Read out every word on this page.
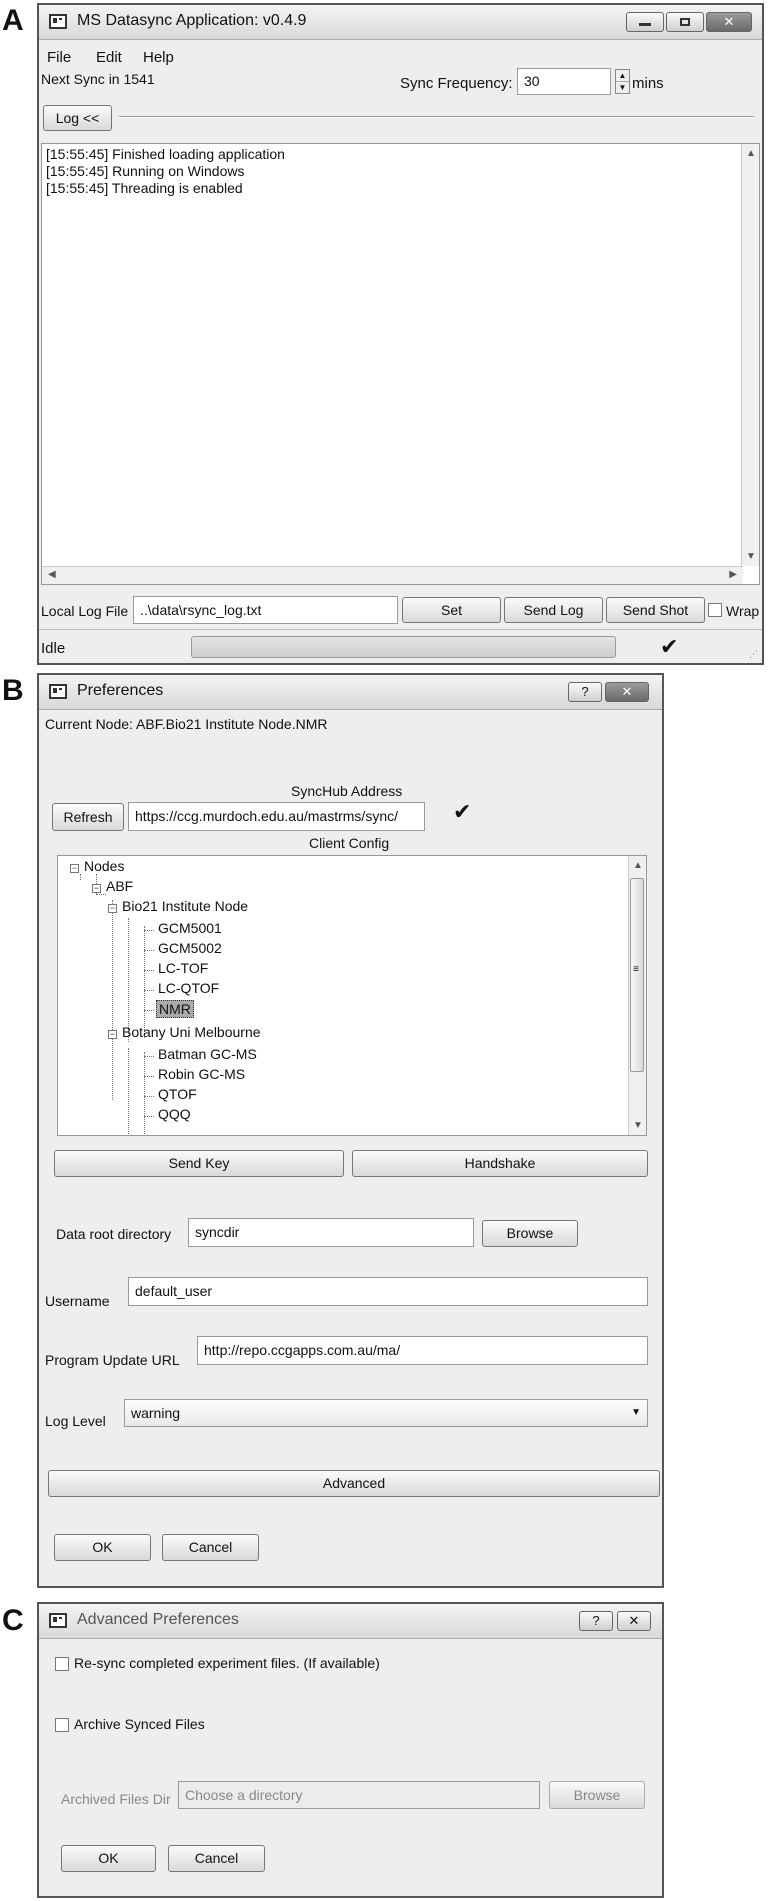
A
B
C
MS Datasync Application: v0.4.9	✕
File Edit Help
Next Sync in 1541	Sync Frequency: 30	▲
▼ mins
Log <<
[15:55:45] Finished loading application
[15:55:45] Running on Windows
[15:55:45] Threading is enabled
▲
▼
◀	▶
Local Log File ..\data\rsync_log.txt	Set	Send Log	Send Shot	Wrap
Idle	✔	⋰
Preferences	?	✕
Current Node: ABF.Bio21 Institute Node.NMR
SyncHub Address
Refresh	https://ccg.murdoch.edu.au/mastrms/sync/	✔
Client Config
− Nodes
− ABF
− Bio21 Institute Node
GCM5001
GCM5002
LC-TOF
LC-QTOF
NMR
− Botany Uni Melbourne
Batman GC-MS
Robin GC-MS
QTOF
QQQ
▲
≡
▼
Send Key	Handshake
Data root directory	syncdir	Browse
Username
default_user
Program Update URL
http://repo.ccgapps.com.au/ma/
Log Level	warning	▼
Advanced
OK	Cancel
Advanced Preferences	?	✕
Re-sync completed experiment files. (If available)
Archive Synced Files
Archived Files Dir	Choose a directory	Browse
OK	Cancel
